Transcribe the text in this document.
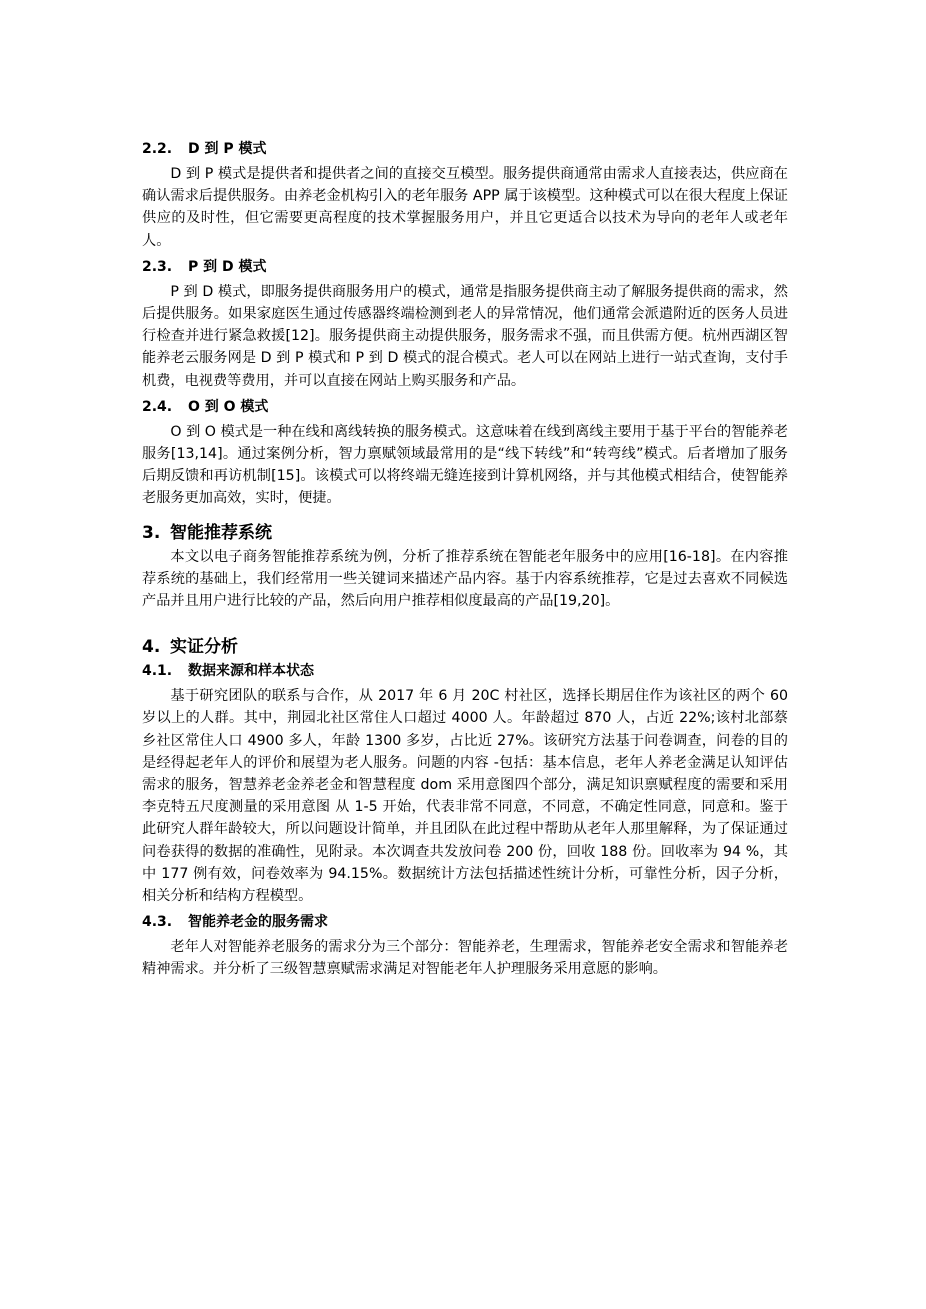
2.2. D 到 P 模式

D 到 P 模式是提供者和提供者之间的直接交互模型。服务提供商通常由需求人直接表达，供应商在确认需求后提供服务。由养老金机构引入的老年服务 APP 属于该模型。这种模式可以在很大程度上保证供应的及时性，但它需要更高程度的技术掌握服务用户，并且它更适合以技术为导向的老年人或老年人。

2.3. P 到 D 模式

P 到 D 模式，即服务提供商服务用户的模式，通常是指服务提供商主动了解服务提供商的需求，然后提供服务。如果家庭医生通过传感器终端检测到老人的异常情况，他们通常会派遣附近的医务人员进行检查并进行紧急救援[12]。服务提供商主动提供服务，服务需求不强，而且供需方便。杭州西湖区智能养老云服务网是 D 到 P 模式和 P 到 D 模式的混合模式。老人可以在网站上进行一站式查询，支付手机费，电视费等费用，并可以直接在网站上购买服务和产品。

2.4. O 到 O 模式

O 到 O 模式是一种在线和离线转换的服务模式。这意味着在线到离线主要用于基于平台的智能养老服务[13,14]。通过案例分析，智力禀赋领域最常用的是“线下转线”和“转弯线”模式。后者增加了服务后期反馈和再访机制[15]。该模式可以将终端无缝连接到计算机网络，并与其他模式相结合，使智能养老服务更加高效，实时，便捷。

3. 智能推荐系统

本文以电子商务智能推荐系统为例，分析了推荐系统在智能老年服务中的应用[16-18]。在内容推荐系统的基础上，我们经常用一些关键词来描述产品内容。基于内容系统推荐，它是过去喜欢不同候选产品并且用户进行比较的产品，然后向用户推荐相似度最高的产品[19,20]。

4. 实证分析
4.1. 数据来源和样本状态

基于研究团队的联系与合作，从 2017 年 6 月 20C 村社区，选择长期居住作为该社区的两个 60 岁以上的人群。其中，荆园北社区常住人口超过 4000 人。年龄超过 870 人，占近 22%;该村北部蔡乡社区常住人口 4900 多人，年龄 1300 多岁，占比近 27%。该研究方法基于问卷调查，问卷的目的是经得起老年人的评价和展望为老人服务。问题的内容 -包括：基本信息，老年人养老金满足认知评估需求的服务，智慧养老金养老金和智慧程度 dom 采用意图四个部分，满足知识禀赋程度的需要和采用李克特五尺度测量的采用意图 从 1-5 开始，代表非常不同意，不同意，不确定性同意，同意和。鉴于此研究人群年龄较大，所以问题设计简单，并且团队在此过程中帮助从老年人那里解释，为了保证通过问卷获得的数据的准确性，见附录。本次调查共发放问卷 200 份，回收 188 份。回收率为 94 %，其中 177 例有效，问卷效率为 94.15%。数据统计方法包括描述性统计分析，可靠性分析，因子分析，相关分析和结构方程模型。

4.3. 智能养老金的服务需求

老年人对智能养老服务的需求分为三个部分：智能养老，生理需求，智能养老安全需求和智能养老精神需求。并分析了三级智慧禀赋需求满足对智能老年人护理服务采用意愿的影响。
